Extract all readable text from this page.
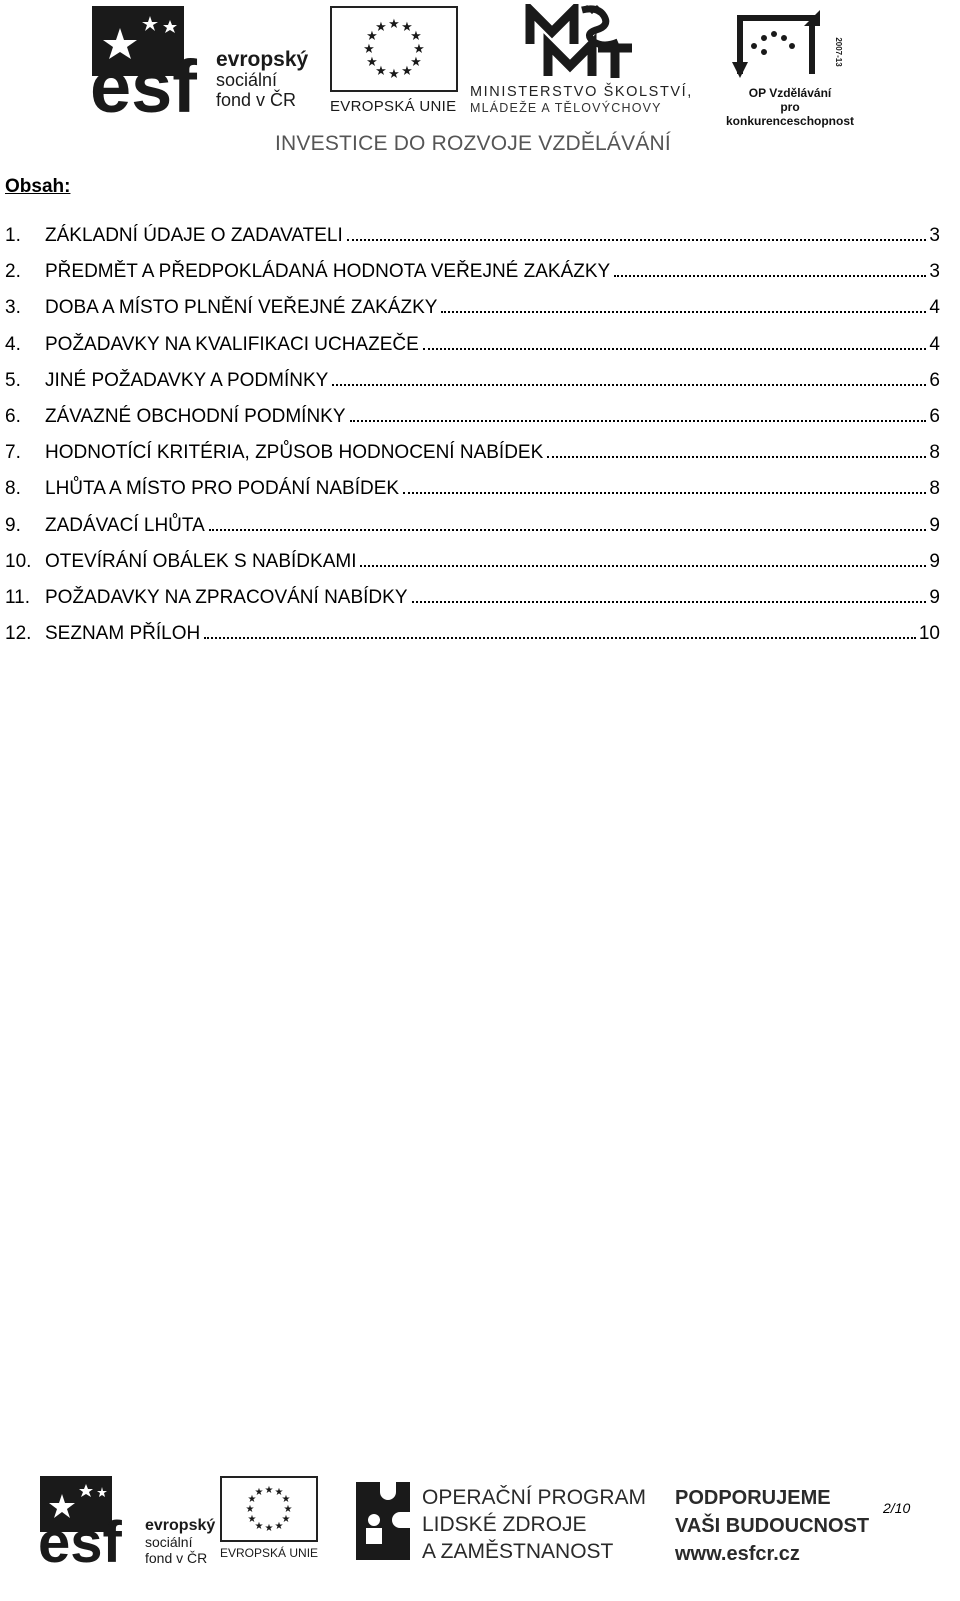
esf evropský
sociální
fond v ČR
★ ★
★
★
★
★
★
★
★
★
★
★
EVROPSKÁ UNIE
MINISTERSTVO ŠKOLSTVÍ,
MLÁDEŽE A TĚLOVÝCHOVY
2007-13
OP Vzdělávání
pro konkurenceschopnost
INVESTICE DO ROZVOJE VZDĚLÁVÁNÍ
Obsah:
1.	ZÁKLADNÍ ÚDAJE O ZADAVATELI	3
2.	PŘEDMĚT A PŘEDPOKLÁDANÁ HODNOTA VEŘEJNÉ ZAKÁZKY	3
3.	DOBA A MÍSTO PLNĚNÍ VEŘEJNÉ ZAKÁZKY	4
4.	POŽADAVKY NA KVALIFIKACI UCHAZEČE	4
5.	JINÉ POŽADAVKY A PODMÍNKY	6
6.	ZÁVAZNÉ OBCHODNÍ PODMÍNKY	6
7.	HODNOTÍCÍ KRITÉRIA, ZPŮSOB HODNOCENÍ NABÍDEK	8
8.	LHŮTA A MÍSTO PRO PODÁNÍ NABÍDEK	8
9.	ZADÁVACÍ LHŮTA	9
10. OTEVÍRÁNÍ OBÁLEK S NABÍDKAMI	9
11. POŽADAVKY NA ZPRACOVÁNÍ NABÍDKY	9
12. SEZNAM PŘÍLOH	10
esf evropský
sociální
fond v ČR
★ ★
★
★
★
★
★
★
★
★
★
★
EVROPSKÁ UNIE
OPERAČNÍ PROGRAM
LIDSKÉ ZDROJE
A ZAMĚSTNANOST
PODPORUJEME
VAŠI BUDOUCNOST
www.esfcr.cz
2/10
